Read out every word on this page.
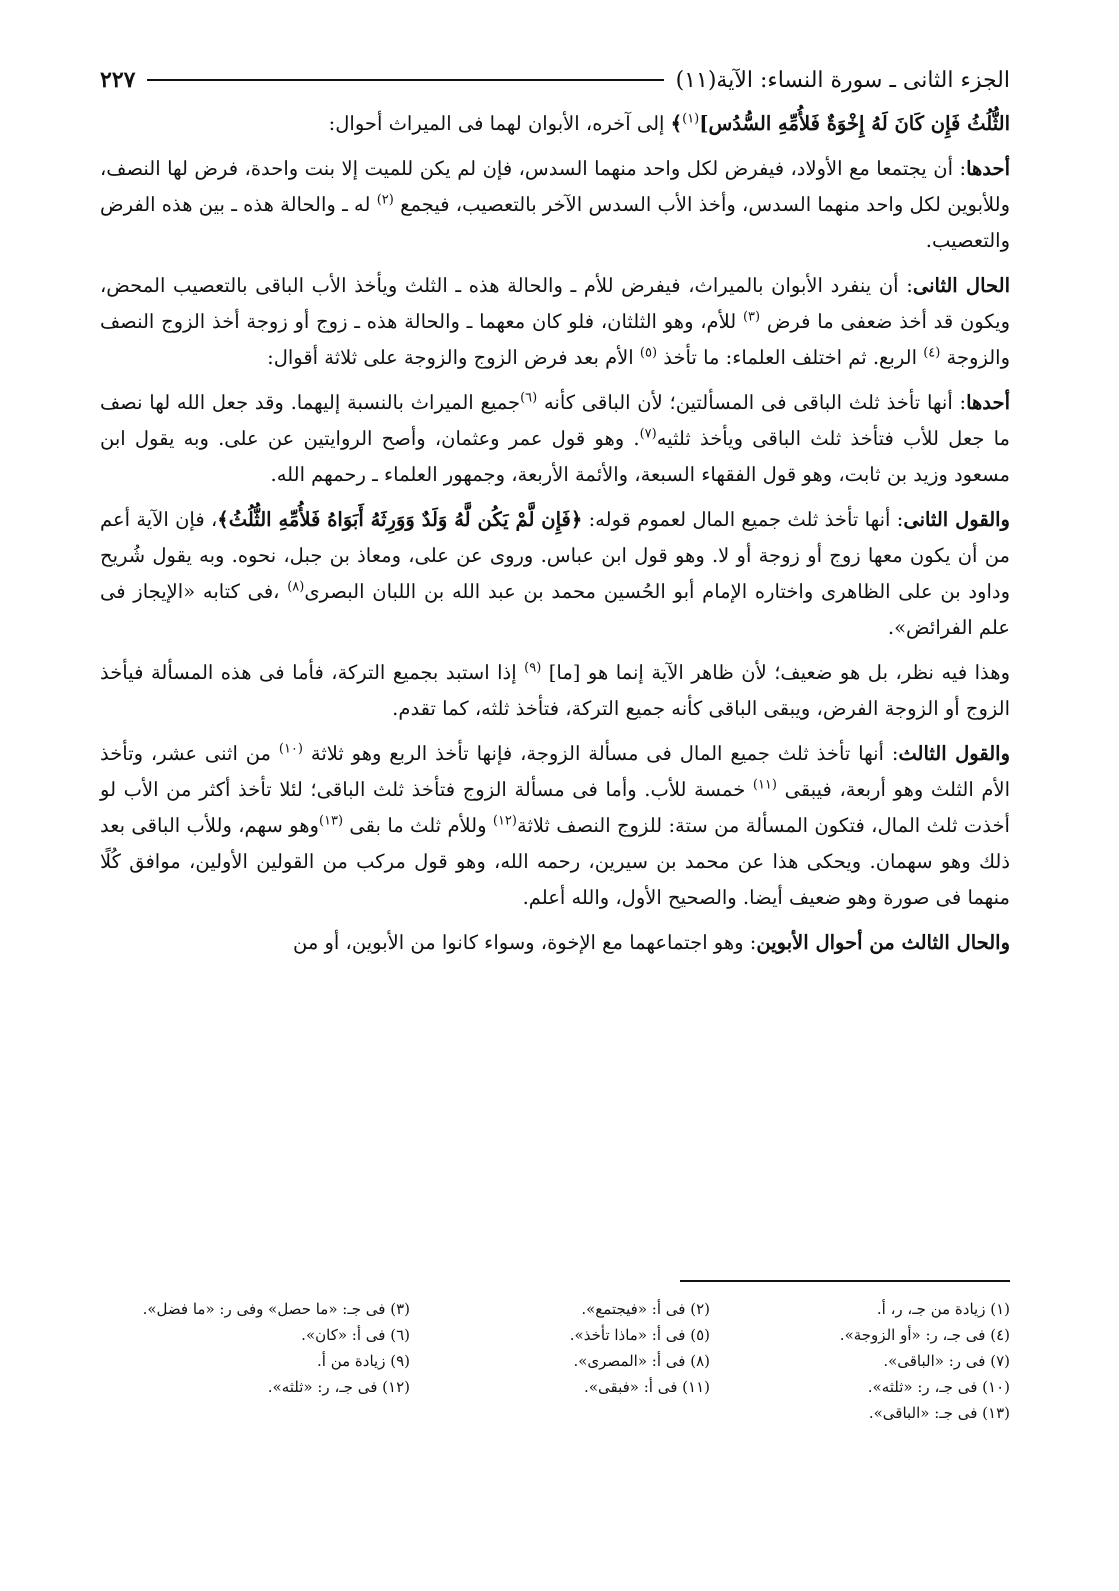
الجزء الثانى ـ سورة النساء: الآية(١١)
٢٢٧

الثُّلُثُ فَإِن كَانَ لَهُ إِخْوَةٌ فَلأُمِّهِ السُّدُس]$^{(١)}$﴾ إلى آخره، الأبوان لهما فى الميراث أحوال:

أحدها: أن يجتمعا مع الأولاد، فيفرض لكل واحد منهما السدس، فإن لم يكن للميت إلا بنت واحدة، فرض لها النصف، وللأبوين لكل واحد منهما السدس، وأخذ الأب السدس الآخر بالتعصيب، فيجمع $^{(٢)}$ له ـ والحالة هذه ـ بين هذه الفرض والتعصيب.

الحال الثانى: أن ينفرد الأبوان بالميراث، فيفرض للأم ـ والحالة هذه ـ الثلث ويأخذ الأب الباقى بالتعصيب المحض، ويكون قد أخذ ضعفى ما فرض $^{(٣)}$ للأم، وهو الثلثان، فلو كان معهما ـ والحالة هذه ـ زوج أو زوجة أخذ الزوج النصف والزوجة $^{(٤)}$ الربع. ثم اختلف العلماء: ما تأخذ $^{(٥)}$ الأم بعد فرض الزوج والزوجة على ثلاثة أقوال:

أحدها: أنها تأخذ ثلث الباقى فى المسألتين؛ لأن الباقى كأنه $^{(٦)}$جميع الميراث بالنسبة إليهما. وقد جعل الله لها نصف ما جعل للأب فتأخذ ثلث الباقى ويأخذ ثلثيه$^{(٧)}$. وهو قول عمر وعثمان، وأصح الروايتين عن على. وبه يقول ابن مسعود وزيد بن ثابت، وهو قول الفقهاء السبعة، والأئمة الأربعة، وجمهور العلماء ـ رحمهم الله.

والقول الثانى: أنها تأخذ ثلث جميع المال لعموم قوله: ﴿فَإِن لَّمْ يَكُن لَّهُ وَلَدٌ وَوَرِثَهُ أَبَوَاهُ فَلأُمِّهِ الثُّلُثُ﴾، فإن الآية أعم من أن يكون معها زوج أو زوجة أو لا. وهو قول ابن عباس. وروى عن على، ومعاذ بن جبل، نحوه. وبه يقول شُريح وداود بن على الظاهرى واختاره الإمام أبو الحُسين محمد بن عبد الله بن اللبان البصرى$^{(٨)}$ ،فى كتابه «الإيجاز فى علم الفرائض».

وهذا فيه نظر، بل هو ضعيف؛ لأن ظاهر الآية إنما هو [ما] $^{(٩)}$ إذا استبد بجميع التركة، فأما فى هذه المسألة فيأخذ الزوج أو الزوجة الفرض، ويبقى الباقى كأنه جميع التركة، فتأخذ ثلثه، كما تقدم.

والقول الثالث: أنها تأخذ ثلث جميع المال فى مسألة الزوجة، فإنها تأخذ الربع وهو ثلاثة $^{(١٠)}$ من اثنى عشر، وتأخذ الأم الثلث وهو أربعة، فيبقى $^{(١١)}$ خمسة للأب. وأما فى مسألة الزوج فتأخذ ثلث الباقى؛ لئلا تأخذ أكثر من الأب لو أخذت ثلث المال، فتكون المسألة من ستة: للزوج النصف ثلاثة$^{(١٢)}$ وللأم ثلث ما بقى $^{(١٣)}$وهو سهم، وللأب الباقى بعد ذلك وهو سهمان. ويحكى هذا عن محمد بن سيرين، رحمه الله، وهو قول مركب من القولين الأولين، موافق كُلًا منهما فى صورة وهو ضعيف أيضا. والصحيح الأول، والله أعلم.

والحال الثالث من أحوال الأبوين: وهو اجتماعهما مع الإخوة، وسواء كانوا من الأبوين، أو من

(١) زيادة من جـ، ر، أ.
(٢) فى أ: «فيجتمع».
(٣) فى جـ: «ما حصل» وفى ر: «ما فضل».
(٤) فى جـ، ر: «أو الزوجة».
(٥) فى أ: «ماذا تأخذ».
(٦) فى أ: «كان».
(٧) فى ر: «الباقى».
(٨) فى أ: «المصرى».
(٩) زيادة من أ.
(١٠) فى جـ، ر: «ثلثه».
(١١) فى أ: «فبقى».
(١٢) فى جـ، ر: «ثلثه».
(١٣) فى جـ: «الباقى».
